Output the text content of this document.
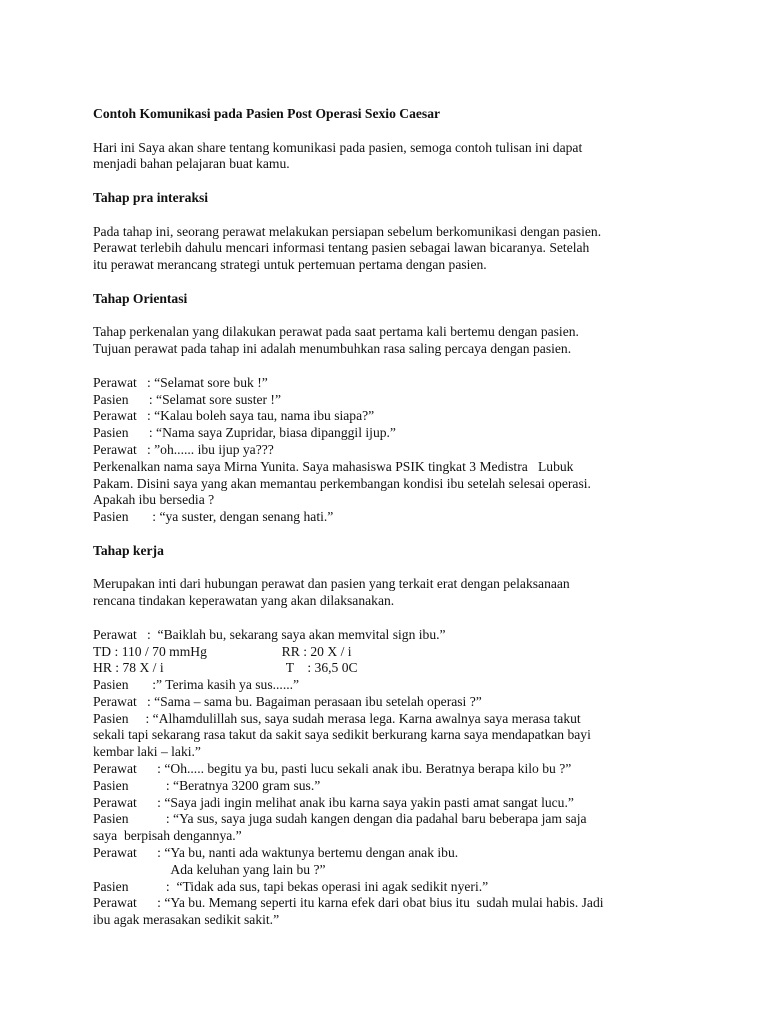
Contoh Komunikasi pada Pasien Post Operasi Sexio Caesar
Hari ini Saya akan share tentang komunikasi pada pasien, semoga contoh tulisan ini dapat
menjadi bahan pelajaran buat kamu.
Tahap pra interaksi
Pada tahap ini, seorang perawat melakukan persiapan sebelum berkomunikasi dengan pasien.
Perawat terlebih dahulu mencari informasi tentang pasien sebagai lawan bicaranya. Setelah
itu perawat merancang strategi untuk pertemuan pertama dengan pasien.
Tahap Orientasi
Tahap perkenalan yang dilakukan perawat pada saat pertama kali bertemu dengan pasien.
Tujuan perawat pada tahap ini adalah menumbuhkan rasa saling percaya dengan pasien.
Perawat   : “Selamat sore buk !”
Pasien      : “Selamat sore suster !”
Perawat   : “Kalau boleh saya tau, nama ibu siapa?”
Pasien      : “Nama saya Zupridar, biasa dipanggil ijup.”
Perawat   : ”oh...... ibu ijup ya???
Perkenalkan nama saya Mirna Yunita. Saya mahasiswa PSIK tingkat 3 Medistra   Lubuk
Pakam. Disini saya yang akan memantau perkembangan kondisi ibu setelah selesai operasi.
Apakah ibu bersedia ?
Pasien       : “ya suster, dengan senang hati.”
Tahap kerja
Merupakan inti dari hubungan perawat dan pasien yang terkait erat dengan pelaksanaan
rencana tindakan keperawatan yang akan dilaksanakan.
Perawat   :  “Baiklah bu, sekarang saya akan memvital sign ibu.”
TD : 110 / 70 mmHg                      RR : 20 X / i
HR : 78 X / i                                    T    : 36,5 0C
Pasien       :” Terima kasih ya sus......”
Perawat   : “Sama – sama bu. Bagaiman perasaan ibu setelah operasi ?”
Pasien     : “Alhamdulillah sus, saya sudah merasa lega. Karna awalnya saya merasa takut
sekali tapi sekarang rasa takut da sakit saya sedikit berkurang karna saya mendapatkan bayi
kembar laki – laki.”
Perawat      : “Oh..... begitu ya bu, pasti lucu sekali anak ibu. Beratnya berapa kilo bu ?”
Pasien           : “Beratnya 3200 gram sus.”
Perawat      : “Saya jadi ingin melihat anak ibu karna saya yakin pasti amat sangat lucu.”
Pasien           : “Ya sus, saya juga sudah kangen dengan dia padahal baru beberapa jam saja
saya  berpisah dengannya.”
Perawat      : “Ya bu, nanti ada waktunya bertemu dengan anak ibu.
Ada keluhan yang lain bu ?”
Pasien           :  “Tidak ada sus, tapi bekas operasi ini agak sedikit nyeri.”
Perawat      : “Ya bu. Memang seperti itu karna efek dari obat bius itu  sudah mulai habis. Jadi
ibu agak merasakan sedikit sakit.”
